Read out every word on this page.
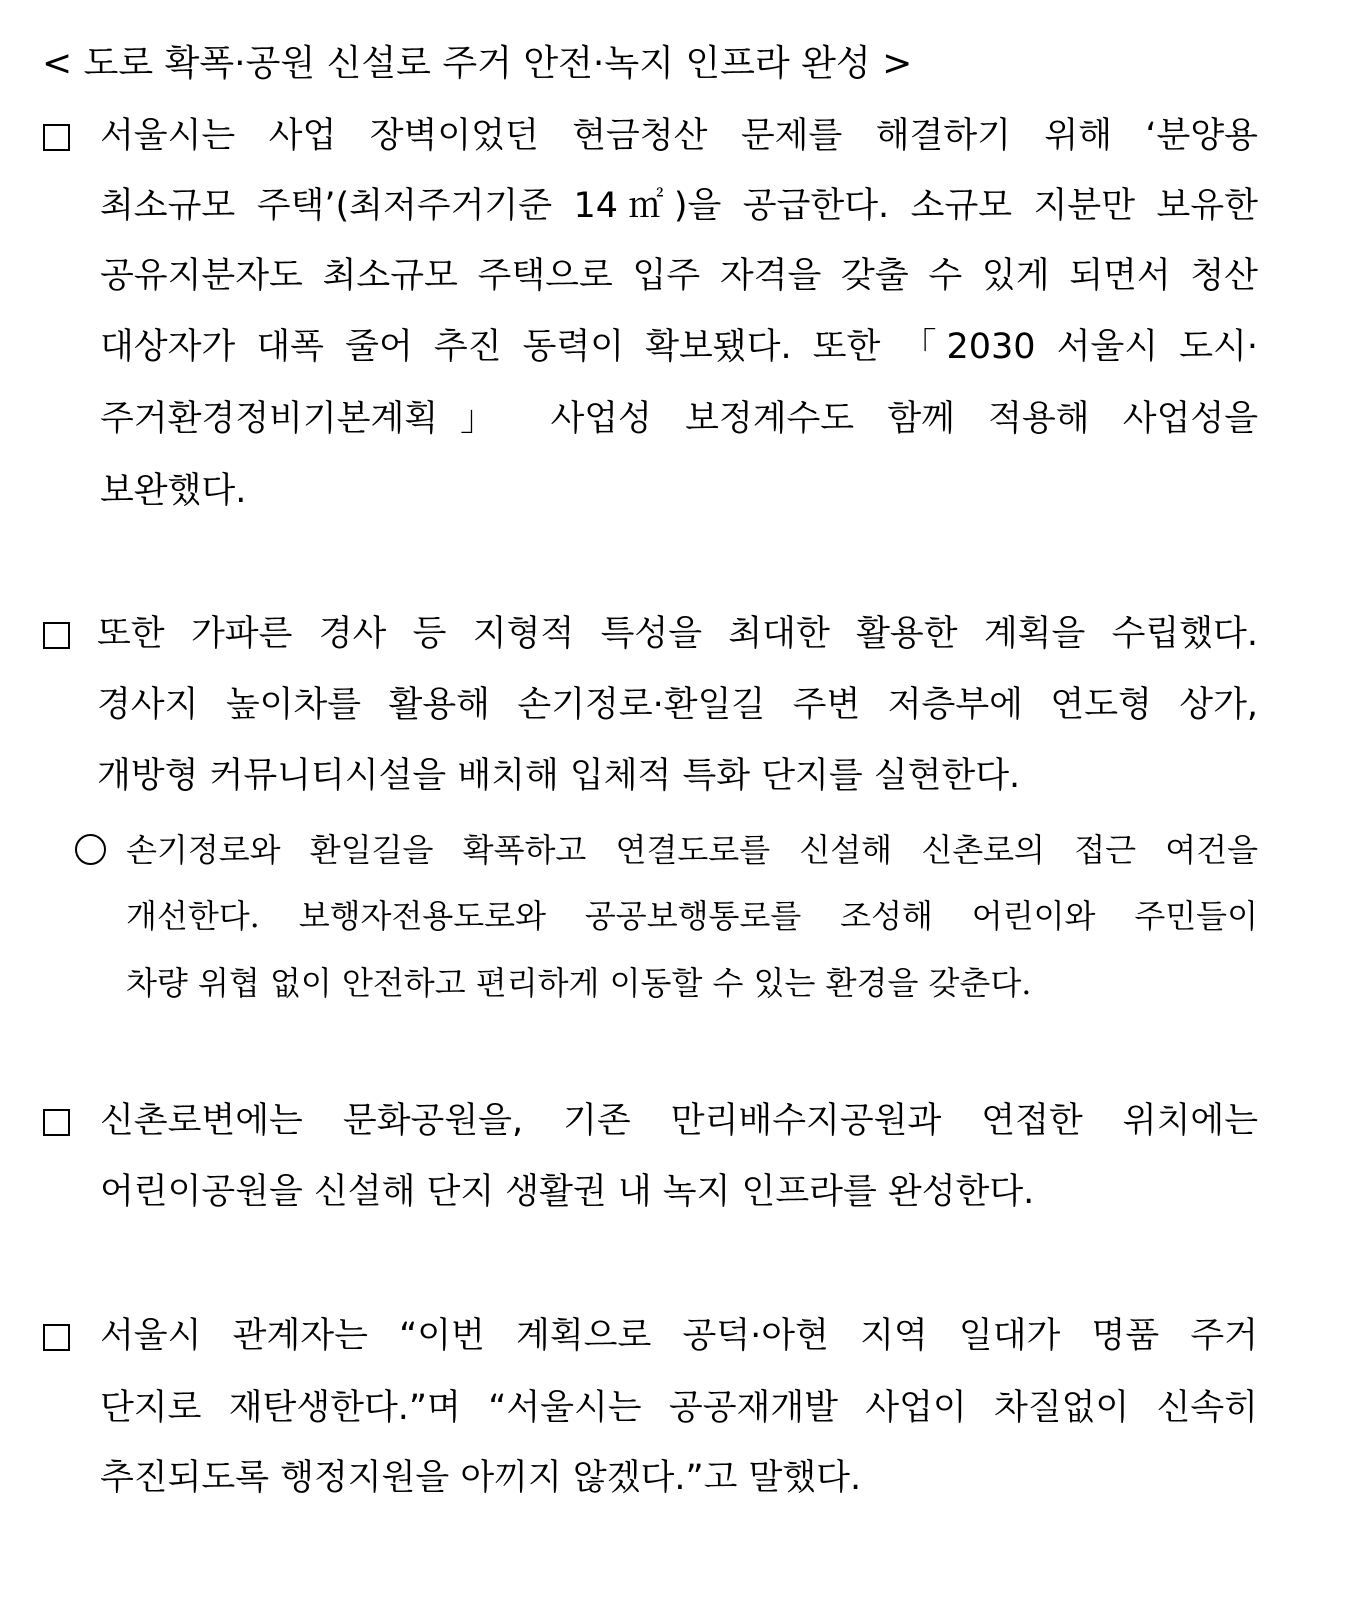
< 도로 확폭·공원 신설로 주거 안전·녹지 인프라 완성 >
서울시는 사업 장벽이었던 현금청산 문제를 해결하기 위해 ‘분양용
최소규모 주택’(최저주거기준 14㎡)을 공급한다. 소규모 지분만 보유한
공유지분자도 최소규모 주택으로 입주 자격을 갖출 수 있게 되면서 청산
대상자가 대폭 줄어 추진 동력이 확보됐다. 또한 「2030 서울시 도시·
주거환경정비기본계획」 사업성 보정계수도 함께 적용해 사업성을
보완했다.
또한 가파른 경사 등 지형적 특성을 최대한 활용한 계획을 수립했다.
경사지 높이차를 활용해 손기정로·환일길 주변 저층부에 연도형 상가,
개방형 커뮤니티시설을 배치해 입체적 특화 단지를 실현한다.
손기정로와 환일길을 확폭하고 연결도로를 신설해 신촌로의 접근 여건을
개선한다. 보행자전용도로와 공공보행통로를 조성해 어린이와 주민들이
차량 위협 없이 안전하고 편리하게 이동할 수 있는 환경을 갖춘다.
신촌로변에는 문화공원을, 기존 만리배수지공원과 연접한 위치에는
어린이공원을 신설해 단지 생활권 내 녹지 인프라를 완성한다.
서울시 관계자는 “이번 계획으로 공덕·아현 지역 일대가 명품 주거
단지로 재탄생한다.”며 “서울시는 공공재개발 사업이 차질없이 신속히
추진되도록 행정지원을 아끼지 않겠다.”고 말했다.
